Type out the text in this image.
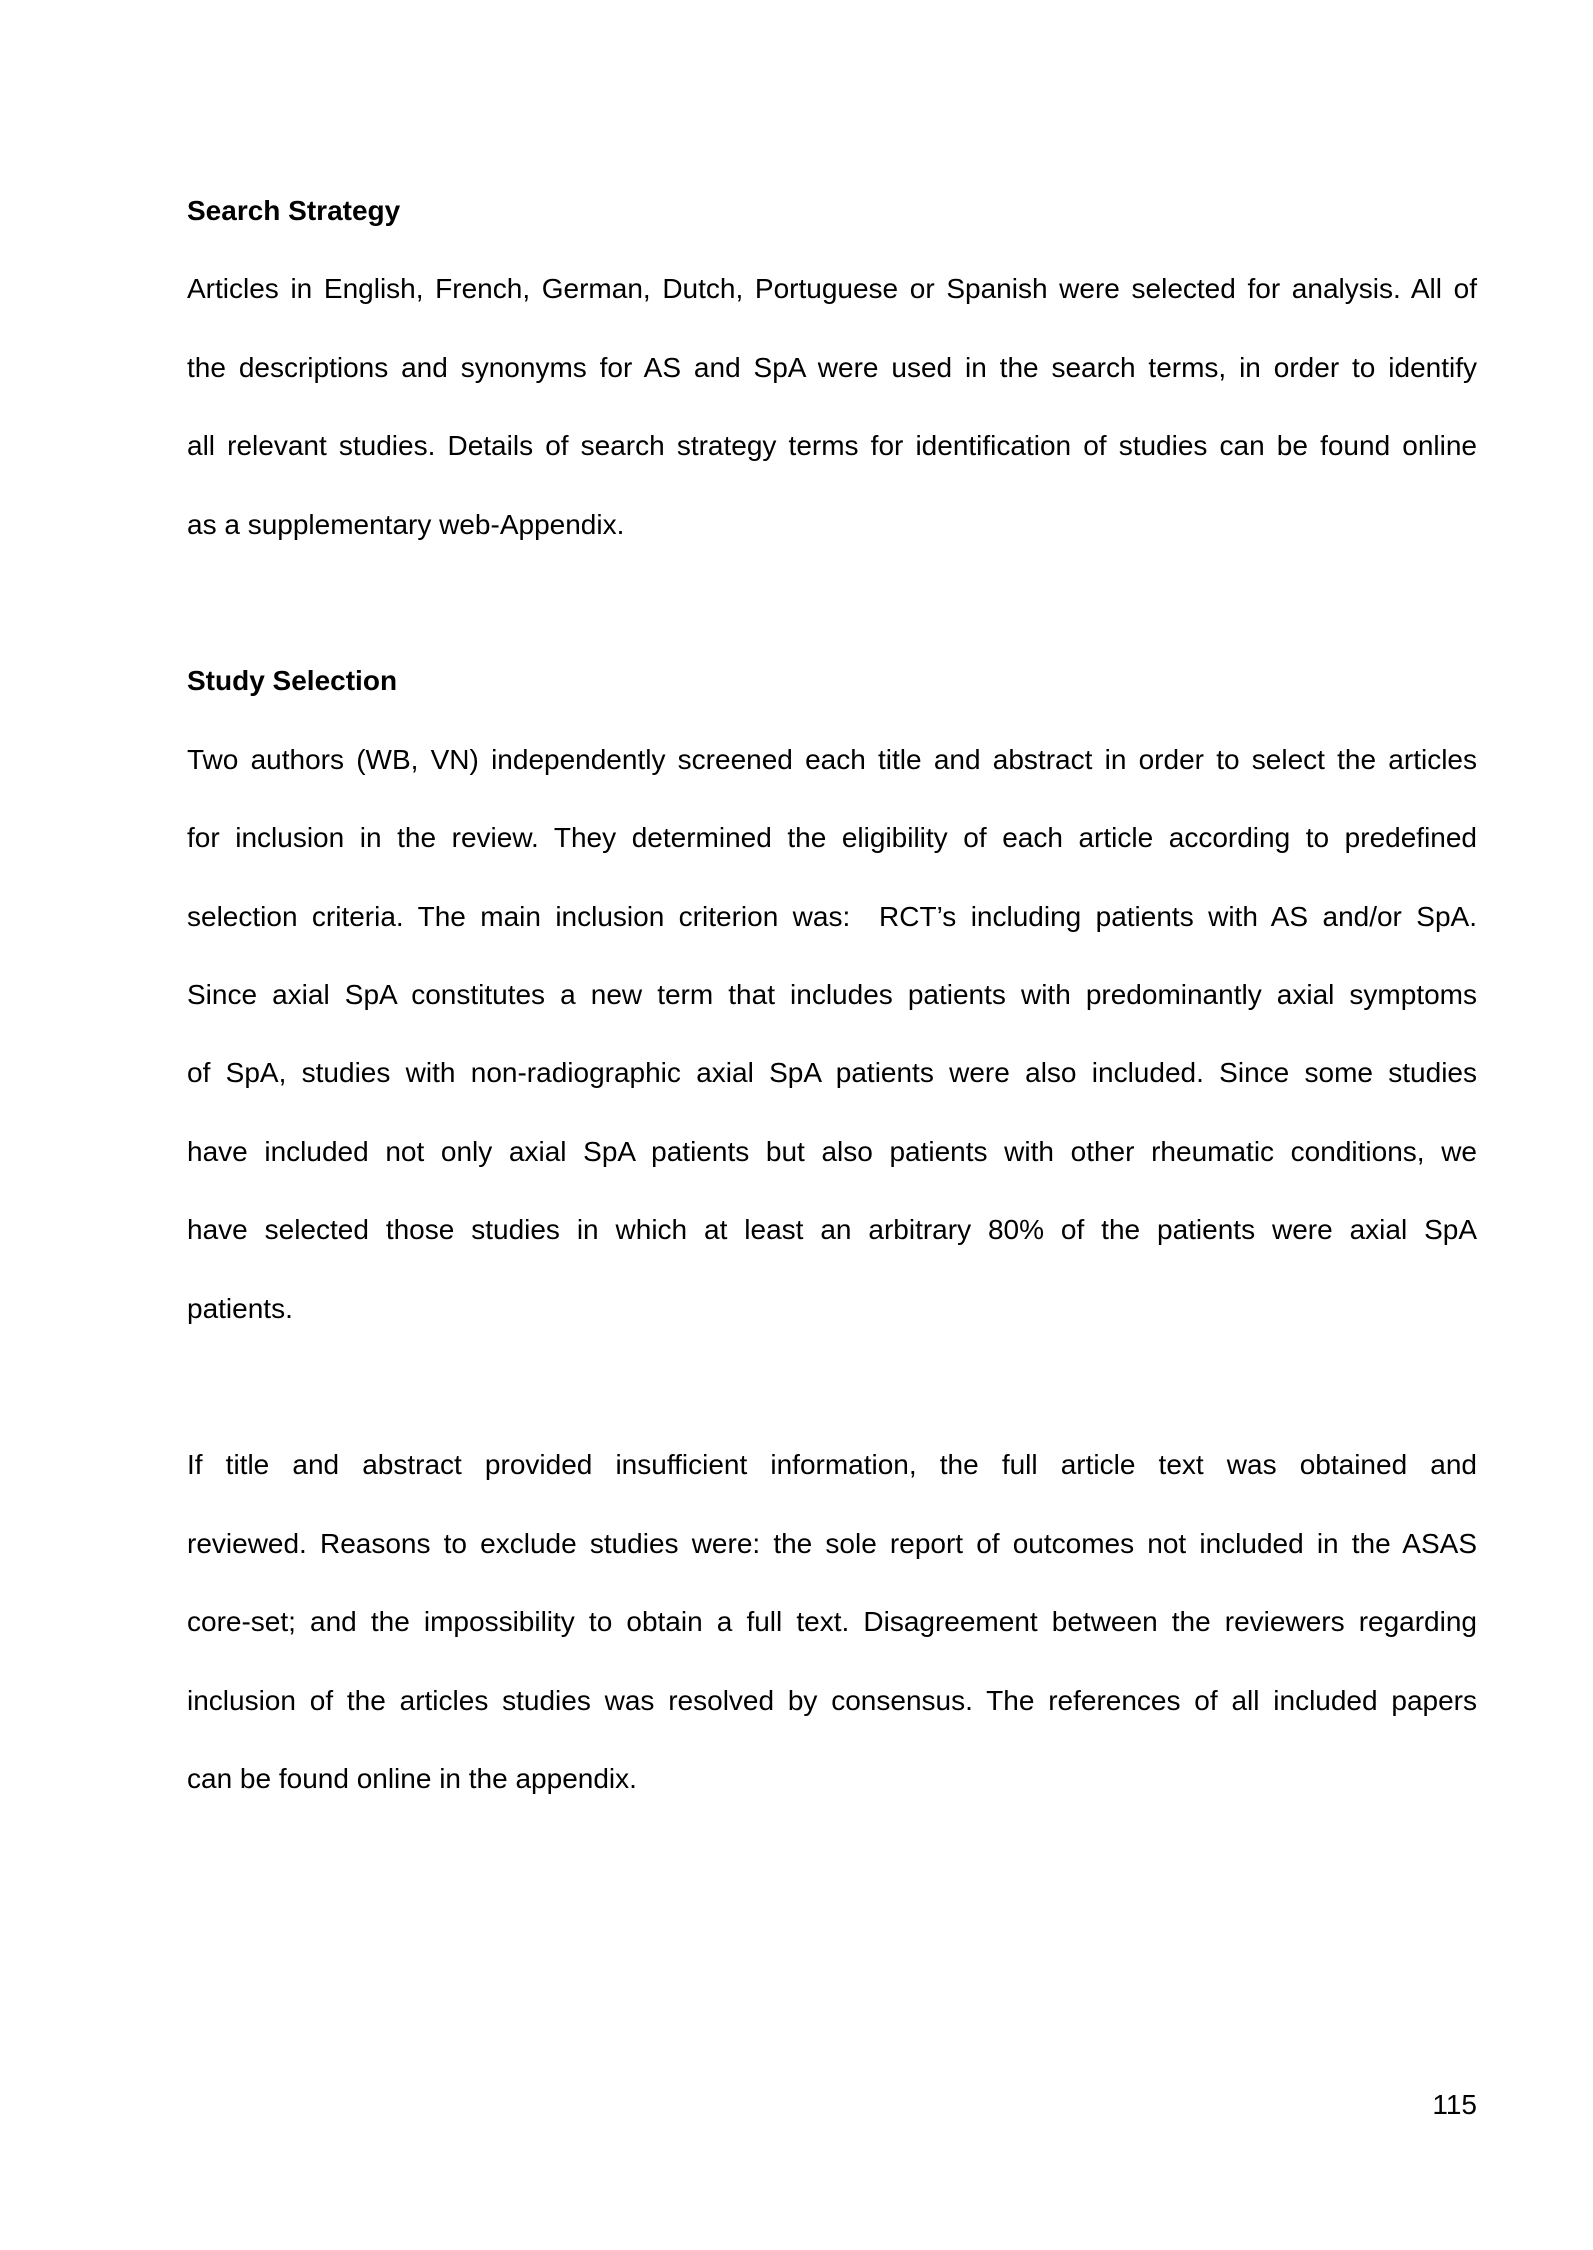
Search Strategy

Articles in English, French, German, Dutch, Portuguese or Spanish were selected for analysis. All of

the descriptions and synonyms for AS and SpA were used in the search terms, in order to identify

all relevant studies. Details of search strategy terms for identification of studies can be found online

as a supplementary web-Appendix.

Study Selection

Two authors (WB, VN) independently screened each title and abstract in order to select the articles

for inclusion in the review. They determined the eligibility of each article according to predefined

selection criteria. The main inclusion criterion was:  RCT’s including patients with AS and/or SpA.

Since axial SpA constitutes a new term that includes patients with predominantly axial symptoms

of SpA, studies with non-radiographic axial SpA patients were also included. Since some studies

have included not only axial SpA patients but also patients with other rheumatic conditions, we

have selected those studies in which at least an arbitrary 80% of the patients were axial SpA

patients.

If title and abstract provided insufficient information, the full article text was obtained and

reviewed. Reasons to exclude studies were: the sole report of outcomes not included in the ASAS

core-set; and the impossibility to obtain a full text. Disagreement between the reviewers regarding

inclusion of the articles studies was resolved by consensus. The references of all included papers

can be found online in the appendix.

115
